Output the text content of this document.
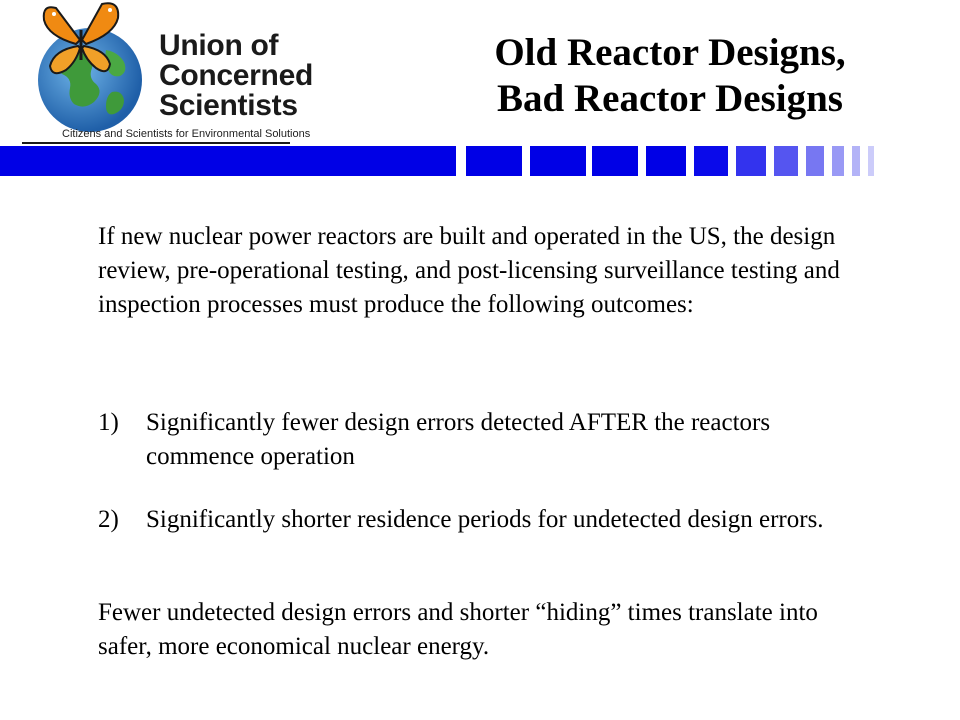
Union of
Concerned
Scientists
Citizens and Scientists for Environmental Solutions
Old Reactor Designs,
Bad Reactor Designs
If new nuclear power reactors are built and operated in the US, the design review, pre-operational testing, and post-licensing surveillance testing and inspection processes must produce the following outcomes:
1) Significantly fewer design errors detected AFTER the reactors commence operation
2) Significantly shorter residence periods for undetected design errors.
Fewer undetected design errors and shorter “hiding” times translate into safer, more economical nuclear energy.
